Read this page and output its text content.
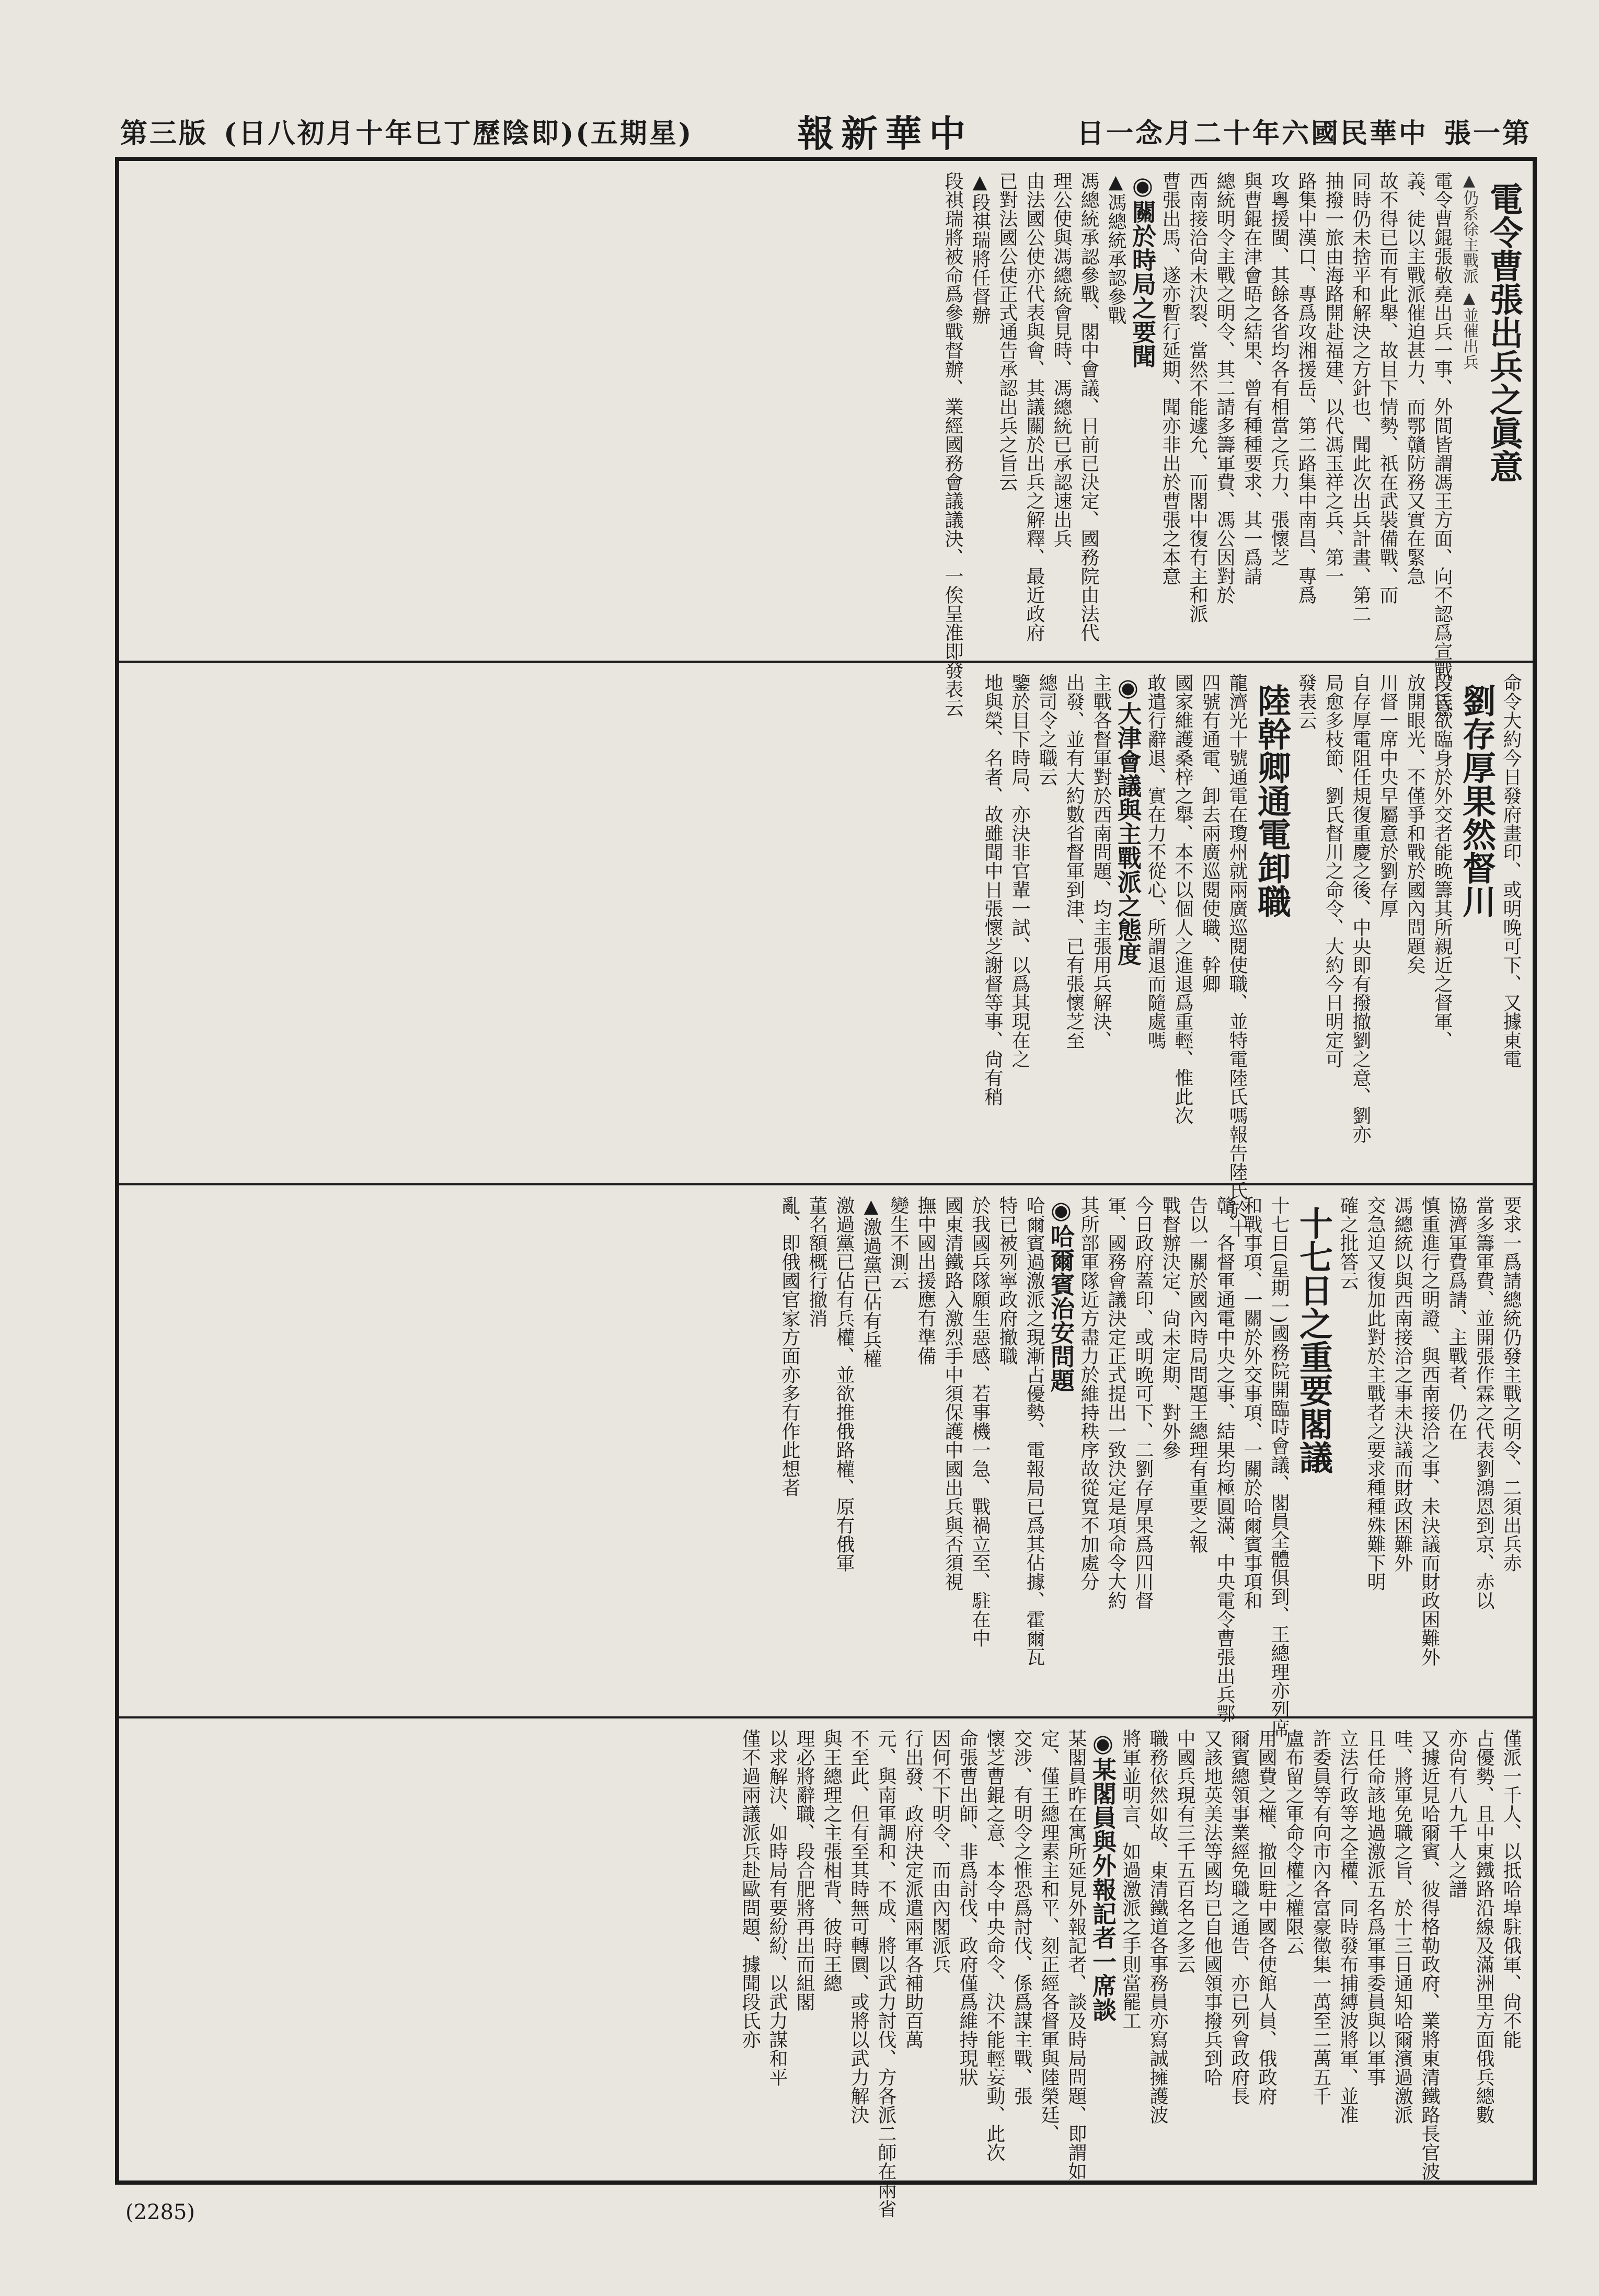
第三版 (日八初月十年巳丁歷陰即)(五期星)	報新華中	日一念月二十年六國民華中 張一第
電令曹張出兵之眞意
▲仍系徐主戰派 ▲並催出兵
電令曹錕張敬堯出兵一事、外間皆謂馮王方面、向不認爲宣戰之意
義、徒以主戰派催迫甚力、而鄂贛防務又實在緊急
故不得已而有此舉、故目下情勢、祇在武裝備戰、而
同時仍未捨平和解決之方針也、聞此次出兵計畫、第二
抽撥一旅由海路開赴福建、以代馮玉祥之兵、第一
路集中漢口、專爲攻湘援岳、第二路集中南昌、專爲
攻粵援閩、其餘各省均各有相當之兵力、張懷芝
與曹錕在津會晤之結果、曾有種種要求、其一爲請
總統明令主戰之明令、其二請多籌軍費、馮公因對於
西南接洽尙未決裂、當然不能遽允、而閣中復有主和派
曹張出馬、遂亦暫行延期、聞亦非出於曹張之本意
◉關於時局之要聞
▲馮總統承認參戰
馮總統承認參戰、閣中會議、日前已決定、國務院由法代
理公使與馮總統會見時、馮總統已承認速出兵
由法國公使亦代表與會、其議關於出兵之解釋、最近政府
已對法國公使正式通告承認出兵之旨云
▲段祺瑞將任督辦
段祺瑞將被命爲參戰督辦、業經國務會議議決、一俟呈准即發表云
命令大約今日發府畫印、或明晚可下、又據東電
劉存厚果然督川
段氏欲臨身於外交者能晚籌其所親近之督軍、
放開眼光、不僅爭和戰於國內問題矣
川督一席中央早屬意於劉存厚
自存厚電阻任規復重慶之後、中央即有撥撤劉之意、劉亦
局愈多枝節、劉氏督川之命令、大約今日明定可
發表云
陸幹卿通電卸職
龍濟光十號通電在瓊州就兩廣巡閱使職、並特電陸氏嗎報告陸氏於十
四號有通電、卸去兩廣巡閱使職、幹卿
國家維護桑梓之舉、本不以個人之進退爲重輕、惟此次
敢遣行辭退、實在力不從心、所謂退而隨處嗎
◉大津會議與主戰派之態度
主戰各督軍對於西南問題、均主張用兵解決、
出發、並有大約數省督軍到津、已有張懷芝至
總司令之職云
鑒於目下時局、亦決非官輩一試、以爲其現在之
地與榮、名者、故雖聞中日張懷芝謝督等事、尙有稍
要求一爲請總統仍發主戰之明令、二須出兵赤
當多籌軍費、並開張作霖之代表劉鴻恩到京、赤以
協濟軍費爲請、主戰者、仍在
慎重進行之明證、與西南接洽之事、未決議而財政困難外
馮總統以與西南接洽之事未決議而財政困難外
交急迫又復加此對於主戰者之要求種種殊難下明
確之批答云
十七日之重要閣議
十七日(星期一)國務院開臨時會議、閣員全體俱到、王總理亦列席
和戰事項、一關於外交事項、一關於哈爾賓事項和
贛、各督軍通電中央之事、結果均極圓滿、中央電令曹張出兵鄂
告以一關於國內時局問題王總理有重要之報
戰督辦決定、尙未定期、對外參
今日政府蓋印、或明晚可下、二劉存厚果爲四川督
軍、國務會議決定正式提出一致決定是項命令大約
其所部軍隊近方盡力於維持秩序故從寬不加處分
◉哈爾賓治安問題
哈爾賓過激派之現漸占優勢、電報局已爲其佔據、霍爾瓦
特已被列寧政府撤職
於我國兵隊願生惡感、若事機一急、戰禍立至、駐在中
國東清鐵路入激烈手中須保護中國出兵與否須視
撫中國出援應有準備
變生不測云
▲激過黨已佔有兵權
激過黨已佔有兵權、並欲推俄路權、原有俄軍
董名額概行撤消
亂、即俄國官家方面亦多有作此想者
僅派一千人、以抵哈埠駐俄軍、尙不能
占優勢、且中東鐵路沿線及滿洲里方面俄兵總數
亦尙有八九千人之譜
又據近見哈爾賓、彼得格勒政府、業將東清鐵路長官波
哇、將軍免職之旨、於十三日通知哈爾濱過激派
且任命該地過激派五名爲軍事委員與以軍事
立法行政等之全權、同時發布捕縛波將軍、並准
許委員等有向市內各富豪徵集一萬至二萬五千
盧布留之軍命令權之權限云
用國費之權、撤回駐中國各使館人員、俄政府
爾賓總領事業經免職之通告、亦已列會政府長
又該地英美法等國均已自他國領事撥兵到哈
中國兵現有三千五百名之多云
職務依然如故、東清鐵道各事務員亦寫誠擁護波
將軍並明言、如過激派之手則當罷工
◉某閣員與外報記者一席談
某閣員昨在寓所延見外報記者、談及時局問題、即謂如
定、僅王總理素主和平、刻正經各督軍與陸榮廷、
交涉、有明令之惟恐爲討伐、係爲謀主戰、張
懷芝曹錕之意、本令中央命令、決不能輕妄動、此次
命張曹出師、非爲討伐、政府僅爲維持現狀
因何不下明令、而由內閣派兵
行出發、政府決定派遣兩軍各補助百萬
元、與南軍調和、不成、將以武力討伐、方各派二師在兩省
不至此、但有至其時無可轉圜、或將以武力解決
與王總理之主張相背、彼時王總
理必將辭職、段合肥將再出而組閣
以求解決、如時局有要紛紛、以武力謀和平
僅不過兩議派兵赴歐問題、據聞段氏亦
(2285)
